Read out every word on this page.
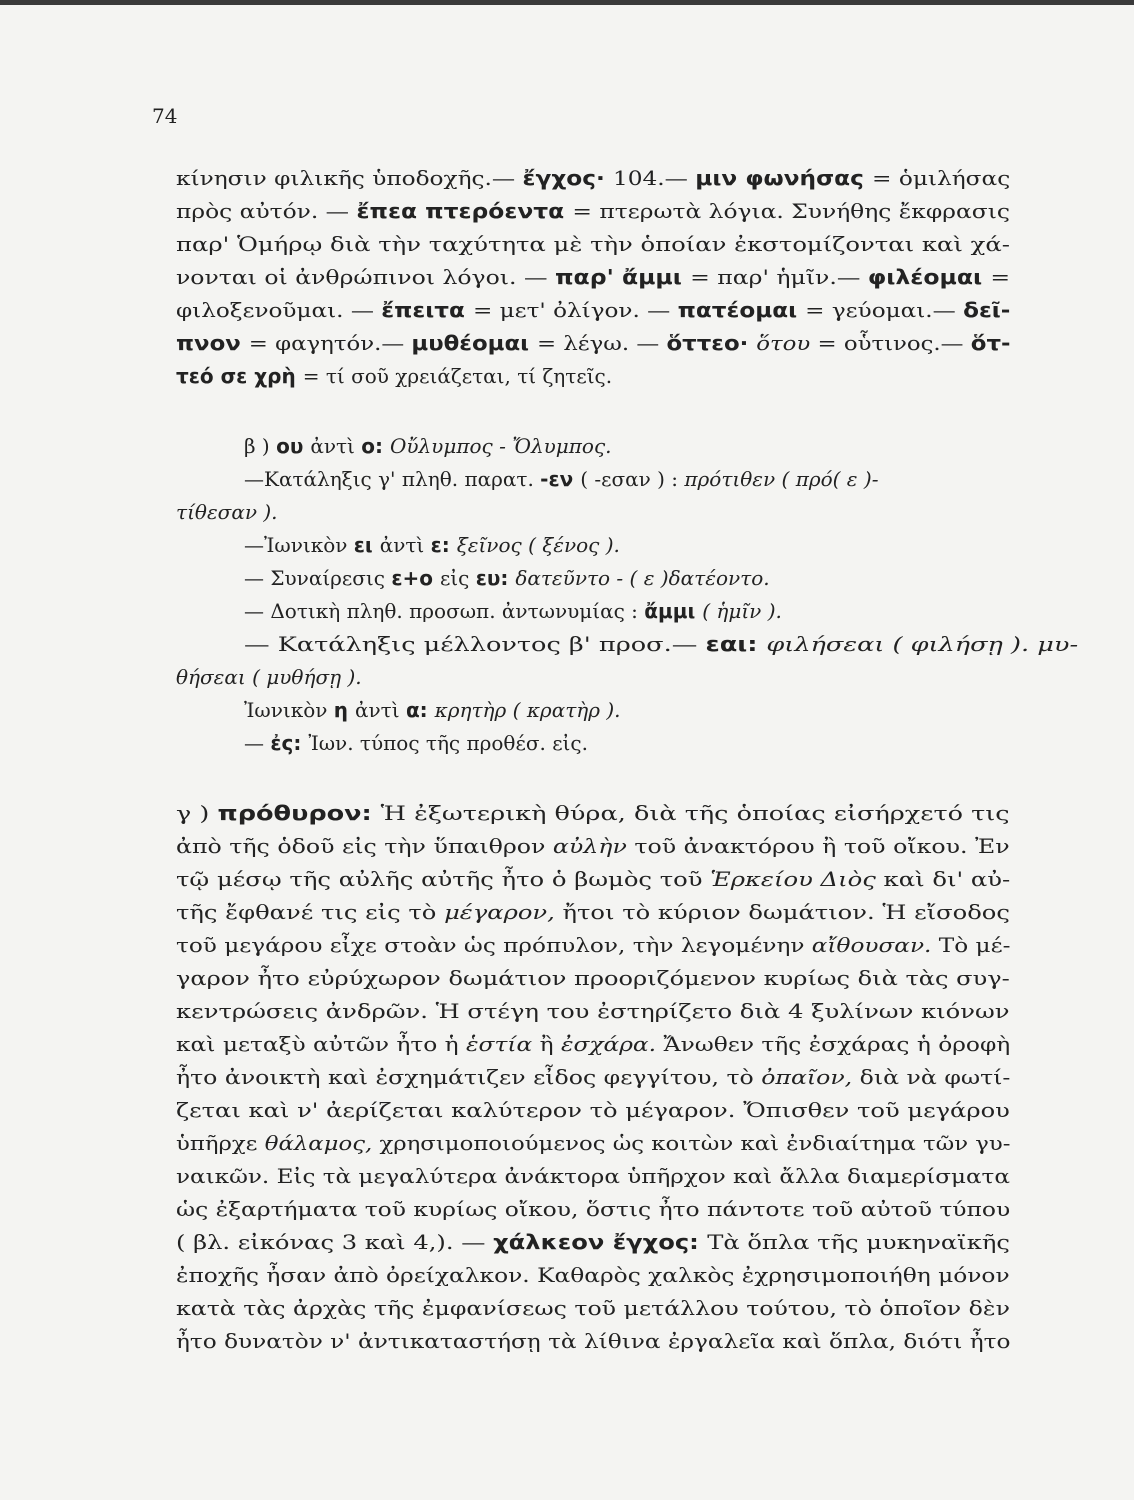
74
κίνησιν φιλικῆς ὑποδοχῆς.— ἔγχος· 104.— μιν φωνήσας = ὁμιλήσας
πρὸς αὐτόν. — ἔπεα πτερόεντα = πτερωτὰ λόγια. Συνήθης ἔκφρασις
παρ' Ὁμήρῳ διὰ τὴν ταχύτητα μὲ τὴν ὁποίαν ἐκστομίζονται καὶ χά-
νονται οἱ ἀνθρώπινοι λόγοι. — παρ' ἄμμι = παρ' ἡμῖν.— φιλέομαι =
φιλοξενοῦμαι. — ἔπειτα = μετ' ὀλίγον. — πατέομαι = γεύομαι.— δεῖ-
πνον = φαγητόν.— μυθέομαι = λέγω. — ὅττεο· ὅτου = οὗτινος.— ὅτ-
τεό σε χρὴ = τί σοῦ χρειάζεται, τί ζητεῖς.
β ) ου ἀντὶ ο: Οὔλυμπος - Ὄλυμπος.
—Κατάληξις γ' πληθ. παρατ. -εν ( -εσαν ) : πρότιθεν ( πρό( ε )-
τίθεσαν ).
—Ἰωνικὸν ει ἀντὶ ε: ξεῖνος ( ξένος ).
— Συναίρεσις ε+ο εἰς ευ: δατεῦντο - ( ε )δατέοντο.
— Δοτικὴ πληθ. προσωπ. ἀντωνυμίας : ἄμμι ( ἡμῖν ).
— Κατάληξις μέλλοντος β' προσ.— εαι: φιλήσεαι ( φιλήσῃ ). μυ-
θήσεαι ( μυθήσῃ ).
Ἰωνικὸν η ἀντὶ α: κρητὴρ ( κρατὴρ ).
— ἐς: Ἰων. τύπος τῆς προθέσ. εἰς.
γ ) πρόθυρον: Ἡ ἐξωτερικὴ θύρα, διὰ τῆς ὁποίας εἰσήρχετό τις
ἀπὸ τῆς ὁδοῦ εἰς τὴν ὕπαιθρον αὐλὴν τοῦ ἀνακτόρου ἢ τοῦ οἴκου. Ἐν
τῷ μέσῳ τῆς αὐλῆς αὐτῆς ἦτο ὁ βωμὸς τοῦ Ἑρκείου Διὸς καὶ δι' αὐ-
τῆς ἔφθανέ τις εἰς τὸ μέγαρον, ἤτοι τὸ κύριον δωμάτιον. Ἡ εἴσοδος
τοῦ μεγάρου εἶχε στοὰν ὡς πρόπυλον, τὴν λεγομένην αἴθουσαν. Τὸ μέ-
γαρον ἦτο εὐρύχωρον δωμάτιον προοριζόμενον κυρίως διὰ τὰς συγ-
κεντρώσεις ἀνδρῶν. Ἡ στέγη του ἐστηρίζετο διὰ 4 ξυλίνων κιόνων
καὶ μεταξὺ αὐτῶν ἦτο ἡ ἑστία ἢ ἐσχάρα. Ἄνωθεν τῆς ἐσχάρας ἡ ὀροφὴ
ἦτο ἀνοικτὴ καὶ ἐσχημάτιζεν εἶδος φεγγίτου, τὸ ὀπαῖον, διὰ νὰ φωτί-
ζεται καὶ ν' ἀερίζεται καλύτερον τὸ μέγαρον. Ὄπισθεν τοῦ μεγάρου
ὑπῆρχε θάλαμος, χρησιμοποιούμενος ὡς κοιτὼν καὶ ἐνδιαίτημα τῶν γυ-
ναικῶν. Εἰς τὰ μεγαλύτερα ἀνάκτορα ὑπῆρχον καὶ ἄλλα διαμερίσματα
ὡς ἐξαρτήματα τοῦ κυρίως οἴκου, ὅστις ἦτο πάντοτε τοῦ αὐτοῦ τύπου
( βλ. εἰκόνας 3 καὶ 4,). — χάλκεον ἔγχος: Τὰ ὅπλα τῆς μυκηναϊκῆς
ἐποχῆς ἦσαν ἀπὸ ὀρείχαλκον. Καθαρὸς χαλκὸς ἐχρησιμοποιήθη μόνον
κατὰ τὰς ἀρχὰς τῆς ἐμφανίσεως τοῦ μετάλλου τούτου, τὸ ὁποῖον δὲν
ἦτο δυνατὸν ν' ἀντικαταστήσῃ τὰ λίθινα ἐργαλεῖα καὶ ὅπλα, διότι ἦτο
